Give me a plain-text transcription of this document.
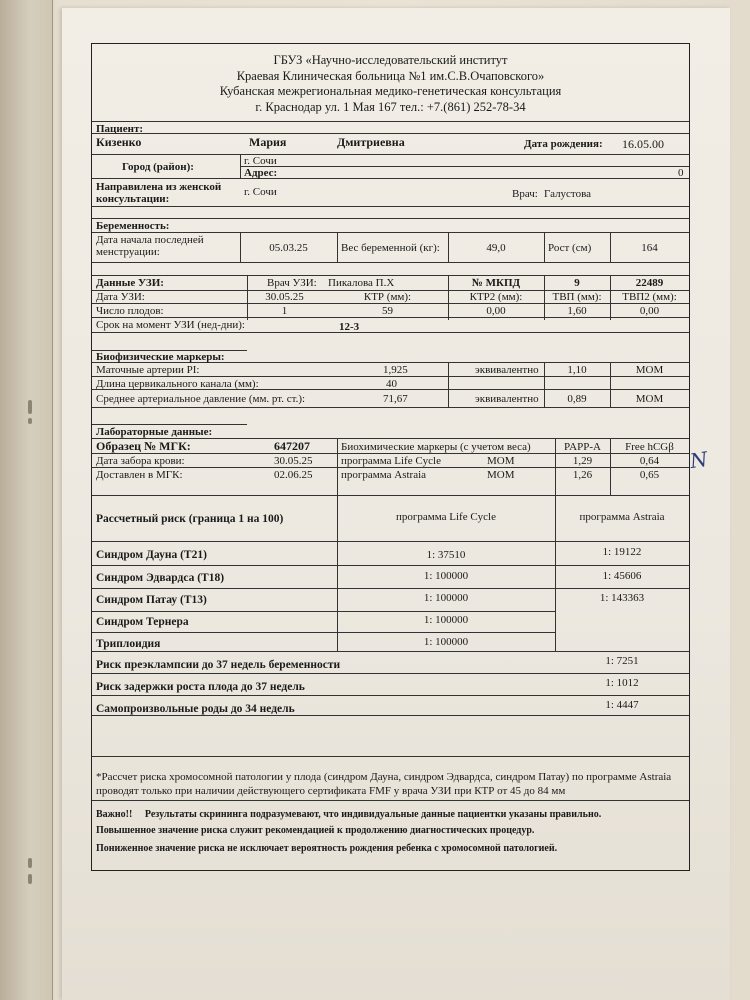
ГБУЗ «Научно-исследовательский институт
Краевая Клиническая больница №1 им.С.В.Очаповского»
Кубанская межрегиональная медико-генетическая консультация
г. Краснодар ул. 1 Мая 167 тел.: +7.(861) 252-78-34
Пациент:
Кизенко	Мария	Дмитриевна	Дата рождения: 16.05.00
Город (район):	г. Сочи
Адрес:	0
Направилена из женской консультации:
г. Сочи	Врач: Галустова
Беременность:
Дата начала последней менструации:	05.03.25	Вес беременной (кг):	49,0	Рост (см)	164
Данные УЗИ:	Врач УЗИ: Пикалова П.Х	№ МКПД	9	22489
Дата УЗИ:	30.05.25	КТР (мм):	КТР2 (мм):	ТВП (мм):	ТВП2 (мм):
Число плодов:	1	59	0,00	1,60	0,00
Срок на момент УЗИ (нед-дни):	12-3
Биофизические маркеры:
Маточные артерии PI:	1,925	эквивалентно	1,10	MOM
Длина цервикального канала (мм):	40
Среднее артериальное давление (мм. рт. ст.):	71,67	эквивалентно	0,89	MOM
Лабораторные данные:
Образец № МГК:	647207	Биохимические маркеры (с учетом веса)	PAPP-A	Free hCGβ
Дата забора крови:	30.05.25	программа Life Cycle	MOM	1,29	0,64
Доставлен в МГК:	02.06.25	программа Astraia	MOM	1,26	0,65
Рассчетный риск (граница 1 на 100)	программа Life Cycle	программа Astraia
Синдром Дауна (Т21)	1: 37510	1: 19122
Синдром Эдвардса (Т18)	1: 100000	1: 45606
Синдром Патау (Т13)	1: 100000	1: 143363
Синдром Тернера	1: 100000
Триплоидия	1: 100000
Риск преэклампсии до 37 недель беременности	1: 7251
Риск задержки роста плода до 37 недель	1: 1012
Самопроизвольные роды до 34 недель	1: 4447
*Рассчет риска хромосомной патологии у плода (синдром Дауна, синдром Эдвардса, синдром Патау) по программе Astraia проводят только при наличии действующего сертификата FMF у врача УЗИ при КТР от 45 до 84 мм
Важно!! Результаты скрининга подразумевают, что индивидуальные данные пациентки указаны правильно.
Повышенное значение риска служит рекомендацией к продолжению диагностических процедур.
Пониженное значение риска не исключает вероятность рождения ребенка с хромосомной патологией.
N
